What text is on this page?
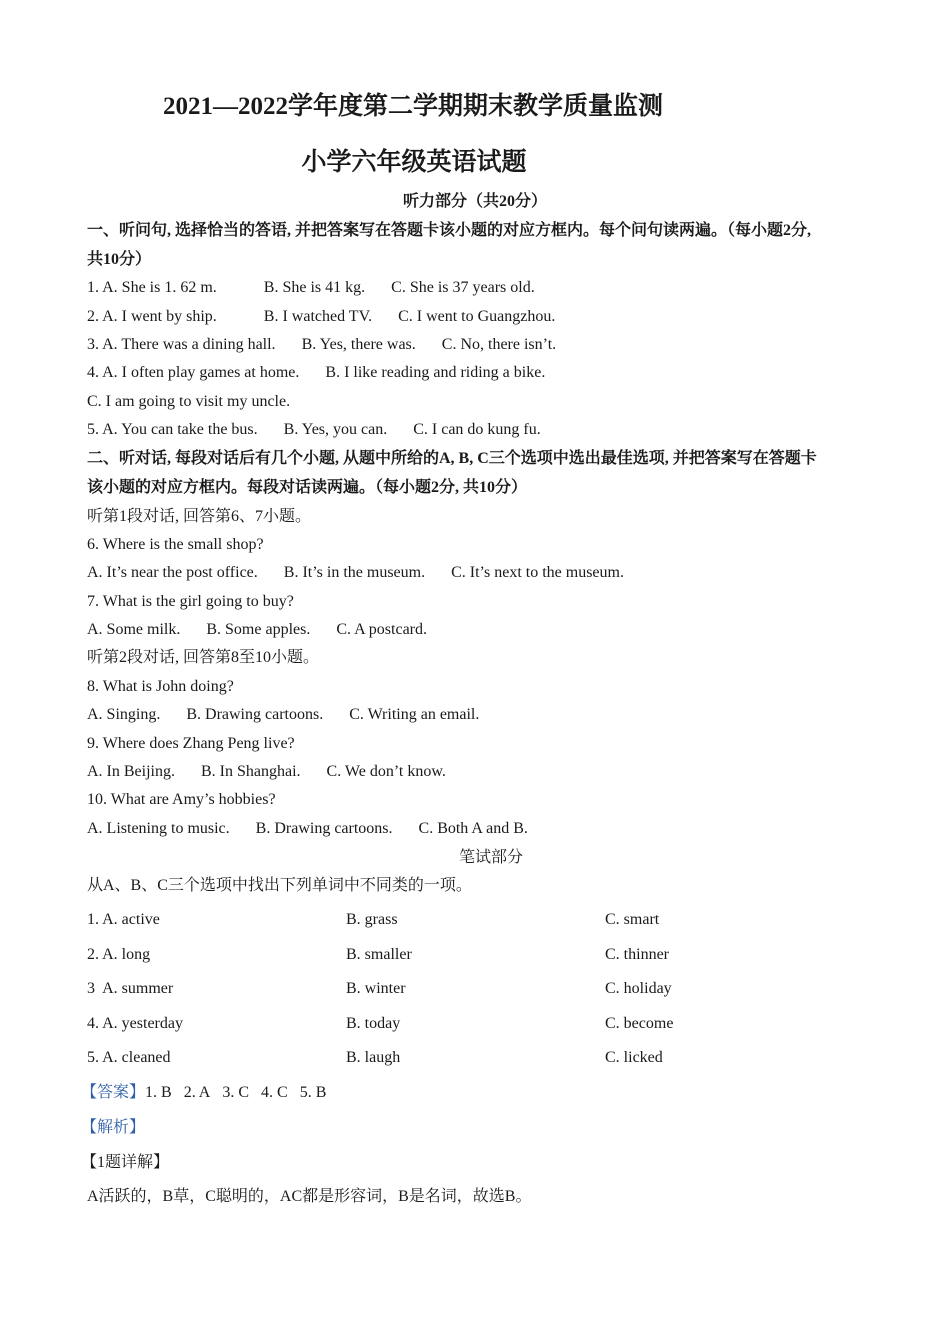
2021—2022学年度第二学期期末教学质量监测
小学六年级英语试题
听力部分（共20分）
一、听问句, 选择恰当的答语, 并把答案写在答题卡该小题的对应方框内。每个问句读两遍。（每小题2分,
共10分）
1. A. She is 1. 62 m.	B. She is 41 kg. C. She is 37 years old.
2. A. I went by ship.	B. I watched TV. C. I went to Guangzhou.
3. A. There was a dining hall. B. Yes, there was. C. No, there isn’t.
4. A. I often play games at home. B. I like reading and riding a bike.
C. I am going to visit my uncle.
5. A. You can take the bus. B. Yes, you can. C. I can do kung fu.
二、听对话, 每段对话后有几个小题, 从题中所给的A, B, C三个选项中选出最佳选项, 并把答案写在答题卡
该小题的对应方框内。每段对话读两遍。（每小题2分, 共10分）
听第1段对话, 回答第6、7小题。
6. Where is the small shop?
A. It’s near the post office. B. It’s in the museum. C. It’s next to the museum.
7. What is the girl going to buy?
A. Some milk. B. Some apples. C. A postcard.
听第2段对话, 回答第8至10小题。
8. What is John doing?
A. Singing. B. Drawing cartoons. C. Writing an email.
9. Where does Zhang Peng live?
A. In Beijing. B. In Shanghai. C. We don’t know.
10. What are Amy’s hobbies?
A. Listening to music. B. Drawing cartoons. C. Both A and B.
笔试部分
从A、B、C三个选项中找出下列单词中不同类的一项。
1. A. active	B. grass	C. smart
2. A. long	B. smaller	C. thinner
3  A. summer	B. winter	C. holiday
4. A. yesterday	B. today	C. become
5. A. cleaned	B. laugh	C. licked
【答案】1. B 2. A 3. C 4. C 5. B
【解析】
【1题详解】
A活跃的，B草，C聪明的，AC都是形容词，B是名词，故选B。
